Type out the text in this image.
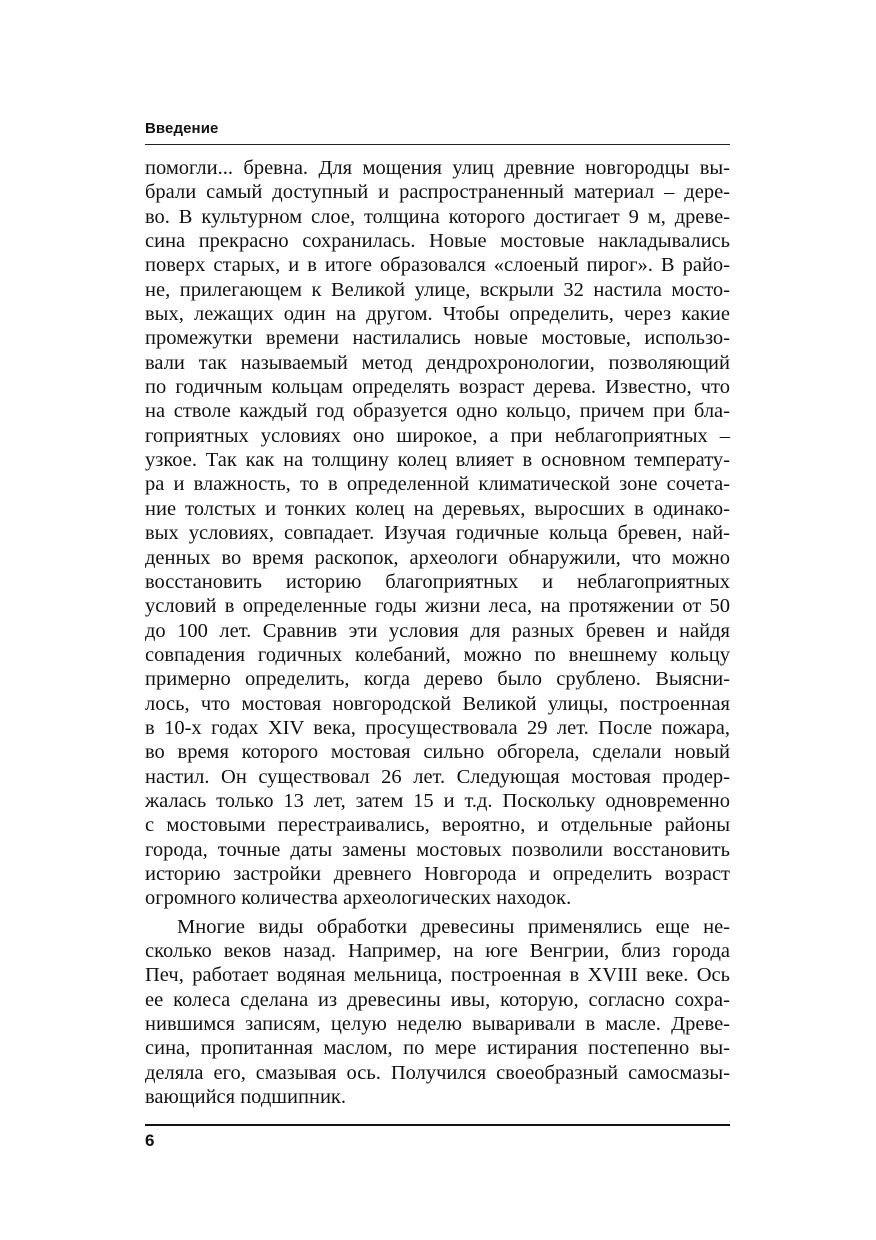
Введение
помогли... бревна. Для мощения улиц древние новгородцы вы-
брали самый доступный и распространенный материал – дере-
во. В культурном слое, толщина которого достигает 9 м, древе-
сина прекрасно сохранилась. Новые мостовые накладывались
поверх старых, и в итоге образовался «слоеный пирог». В райо-
не, прилегающем к Великой улице, вскрыли 32 настила мосто-
вых, лежащих один на другом. Чтобы определить, через какие
промежутки времени настилались новые мостовые, использо-
вали так называемый метод дендрохронологии, позволяющий
по годичным кольцам определять возраст дерева. Известно, что
на стволе каждый год образуется одно кольцо, причем при бла-
гоприятных условиях оно широкое, а при неблагоприятных –
узкое. Так как на толщину колец влияет в основном температу-
ра и влажность, то в определенной климатической зоне сочета-
ние толстых и тонких колец на деревьях, выросших в одинако-
вых условиях, совпадает. Изучая годичные кольца бревен, най-
денных во время раскопок, археологи обнаружили, что можно
восстановить историю благоприятных и неблагоприятных
условий в определенные годы жизни леса, на протяжении от 50
до 100 лет. Сравнив эти условия для разных бревен и найдя
совпадения годичных колебаний, можно по внешнему кольцу
примерно определить, когда дерево было срублено. Выясни-
лось, что мостовая новгородской Великой улицы, построенная
в 10-х годах XIV века, просуществовала 29 лет. После пожара,
во время которого мостовая сильно обгорела, сделали новый
настил. Он существовал 26 лет. Следующая мостовая продер-
жалась только 13 лет, затем 15 и т.д. Поскольку одновременно
с мостовыми перестраивались, вероятно, и отдельные районы
города, точные даты замены мостовых позволили восстановить
историю застройки древнего Новгорода и определить возраст
огромного количества археологических находок.
Многие виды обработки древесины применялись еще не-
сколько веков назад. Например, на юге Венгрии, близ города
Печ, работает водяная мельница, построенная в XVIII веке. Ось
ее колеса сделана из древесины ивы, которую, согласно сохра-
нившимся записям, целую неделю вываривали в масле. Древе-
сина, пропитанная маслом, по мере истирания постепенно вы-
деляла его, смазывая ось. Получился своеобразный самосмазы-
вающийся подшипник.
6
